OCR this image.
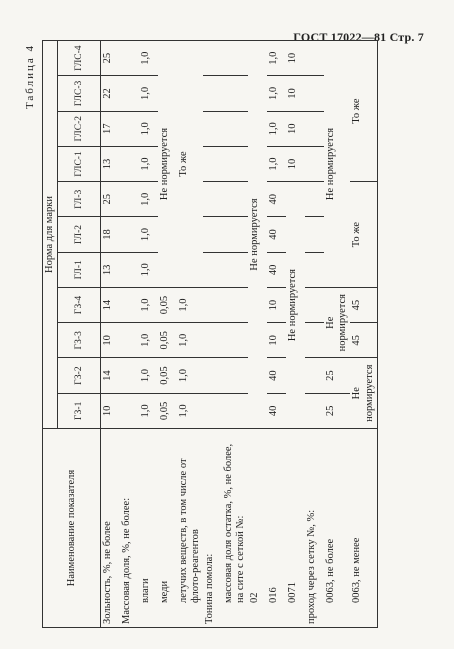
ГОСТ 17022—81 Стр. 7
Таблица 4
Наименование показателя	Норма для марки										
	ГЗ-1	ГЗ-2	ГЗ-3	ГЗ-4	ГЛ-1	ГЛ-2	ГЛ-3	ГЛС-1	ГЛС-2	ГЛС-3	ГЛС-4
Зольность, %, не более	10	14	10	14	13	18	25	13	17	22	25
Массовая доля, %, не более:											
влаги	1,0	1,0	1,0	1,0	1,0	1,0	1,0	1,0	1,0	1,0	1,0
меди	0,05	0,05	0,05	0,05	Не нормируется						
летучих веществ, в том числе от флото-реагентов	1,0	1,0	1,0	1,0	То же						
Тонина помола:											
массовая доля остатка, %, не более, на сите с сеткой №:											
02	Не нормируется										
016	40	40	10	10	40	40	40	1,0	1,0	1,0	1,0
0071	Не нормируется							10	10	10	10
проход через сетку №, %:											
0063, не более	25	25	Не нормируется		Не нормируется						
0063, не менее	Не нормируется		45	45	То же			То же			
